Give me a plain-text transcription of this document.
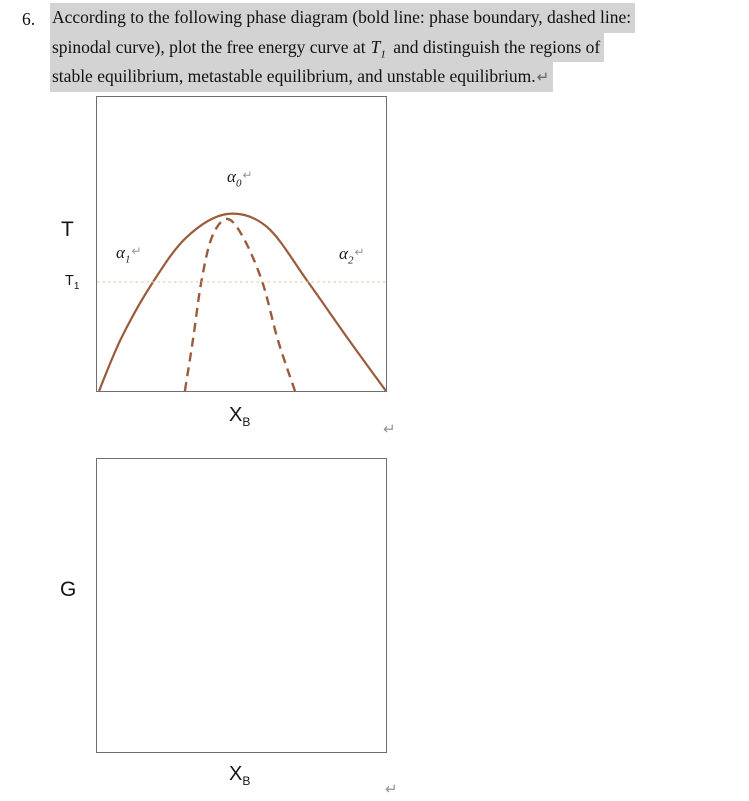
6. According to the following phase diagram (bold line: phase boundary, dashed line:
spinodal curve), plot the free energy curve at $T_1$ and distinguish the regions of
stable equilibrium, metastable equilibrium, and unstable equilibrium.↵
T
$T_1$
$\alpha_0↵$
$\alpha_1↵$	$\alpha_2↵$
$X_B$	↵
G
$X_B$	↵
